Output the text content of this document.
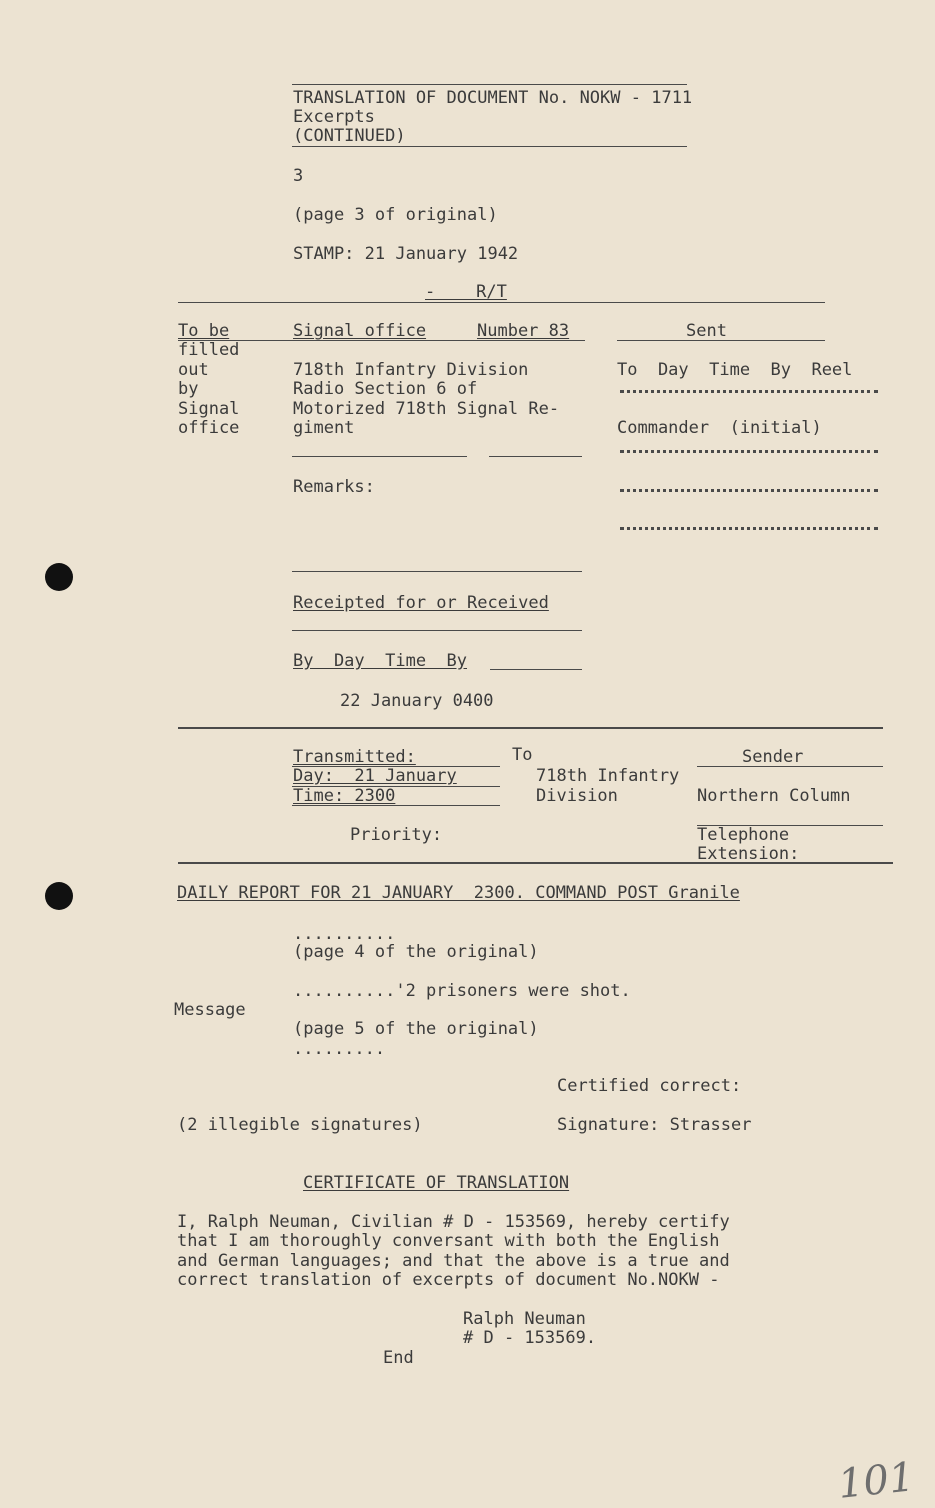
TRANSLATION OF DOCUMENT No. NOKW - 1711

Excerpts

(CONTINUED)

3

(page 3 of original)

STAMP: 21 January 1942

-    R/T

To be

filled

out

by

Signal

office

Signal office	Number 83	Sent

718th Infantry Division

Radio Section 6 of

Motorized 718th Signal Re-

giment

To  Day  Time  By  Reel

Commander  (initial)

Remarks:

Receipted for or Received

By  Day  Time  By

22 January 0400

Transmitted:

Day:  21 January

Time: 2300

To

718th Infantry

Division

Sender

Northern Column

Priority:	Telephone

Extension:

DAILY REPORT FOR 21 JANUARY  2300. COMMAND POST Granile

..........

(page 4 of the original)

..........'2 prisoners were shot.

Message

(page 5 of the original)

.........

Certified correct:

(2 illegible signatures)	Signature: Strasser

CERTIFICATE OF TRANSLATION

I, Ralph Neuman, Civilian # D - 153569, hereby certify

that I am thoroughly conversant with both the English

and German languages; and that the above is a true and

correct translation of excerpts of document No.NOKW -

Ralph Neuman

# D - 153569.

End

101
